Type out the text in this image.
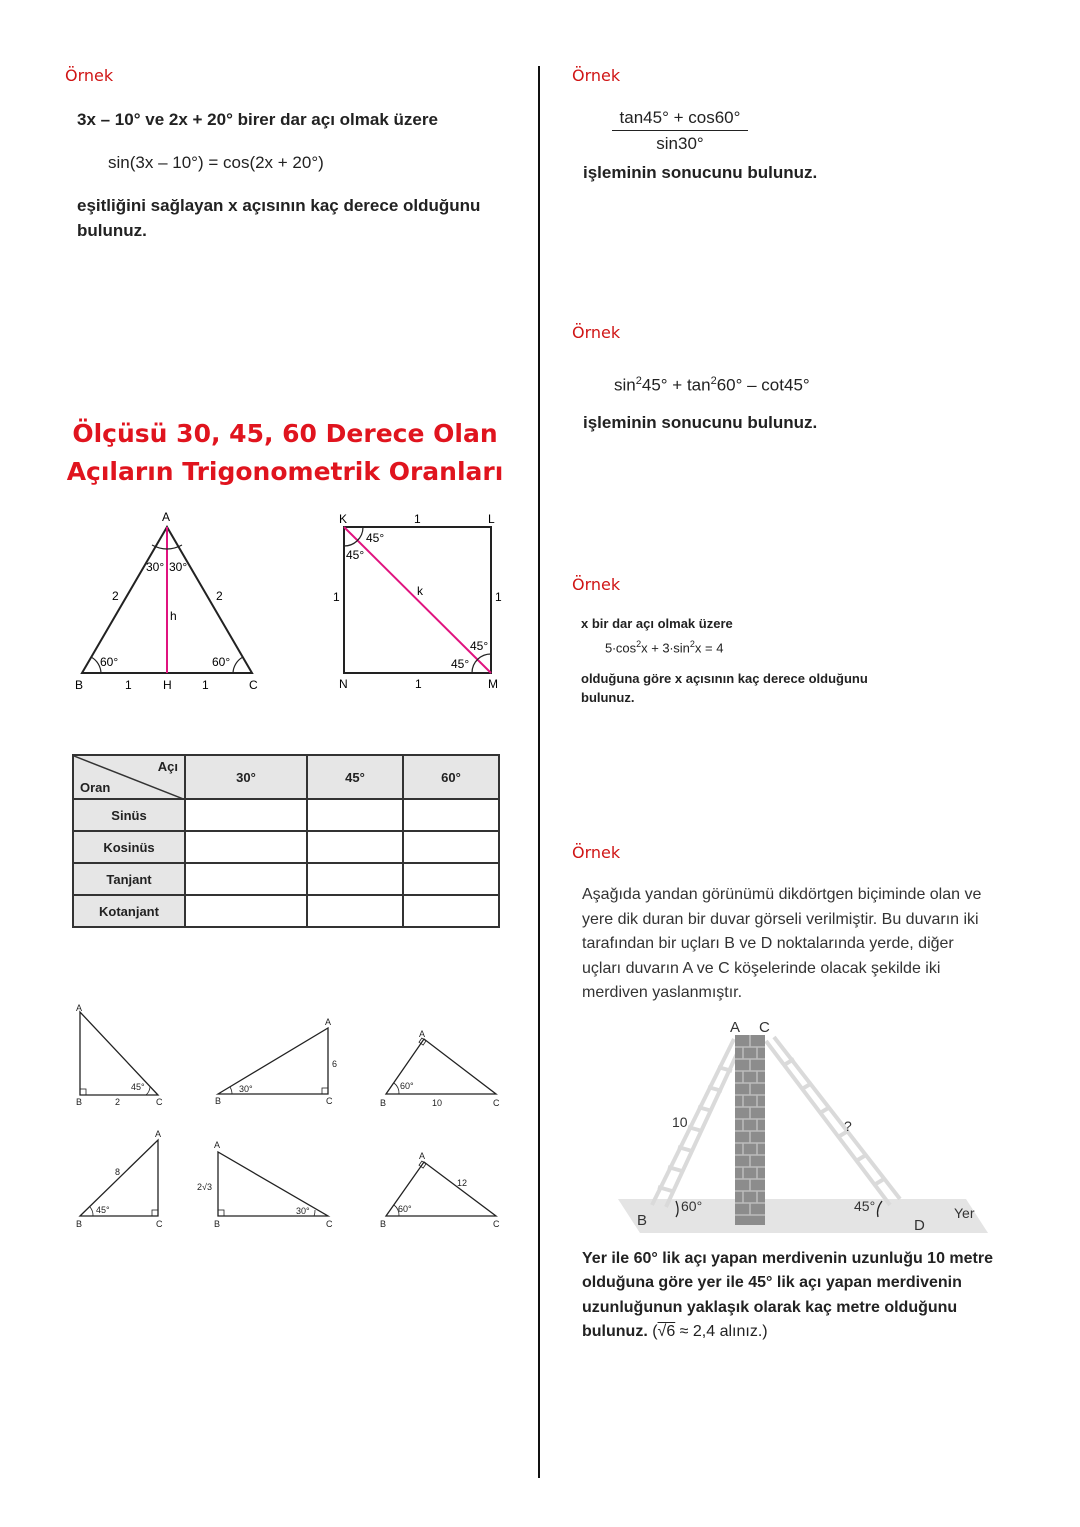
Örnek
3x – 10° ve 2x + 20° birer dar açı olmak üzere
sin(3x – 10°) = cos(2x + 20°)
eşitliğini sağlayan x açısının kaç derece olduğunu
bulunuz.
Ölçüsü 30, 45, 60 Derece Olan
Açıların Trigonometrik Oranları
A
B	C
H
2	2
h
1	1
30° 30°
60°	60°
K	L
M
N
1
1	1
1
k
45°
45°
45°
45°
Açı
Oran	30°	45°	60°
Sinüs			
Kosinüs			
Tanjant			
Kotanjant			
A
B	C
2
45°
A
B	C
6
30°
A
B	C
10
60°
A
B	C
8
45°
A
B	C
2√3
30°
A
B	C
12
60°
Örnek
$\frac{\tan 45^\circ + \cos 60^\circ}{\sin 30^\circ}$
işleminin sonucunu bulunuz.
Örnek
$\sin^245^\circ + \tan^260^\circ - \cot 45^\circ$
işleminin sonucunu bulunuz.
Örnek
x bir dar açı olmak üzere
$5\cdot\cos^2x + 3\cdot\sin^2x = 4$
olduğuna göre x açısının kaç derece olduğunu
bulunuz.
Örnek
Aşağıda yandan görünümü dikdörtgen biçiminde olan ve
yere dik duran bir duvar görseli verilmiştir. Bu duvarın iki
tarafından bir uçları B ve D noktalarında yerde, diğer
uçları duvarın A ve C köşelerinde olacak şekilde iki
merdiven yaslanmıştır.
A C
B	D
10	?
60°	45°	Yer
Yer ile 60° lik açı yapan merdivenin uzunluğu 10 metre
olduğuna göre yer ile 45° lik açı yapan merdivenin
uzunluğunun yaklaşık olarak kaç metre olduğunu
bulunuz. (√6 ≈ 2,4 alınız.)
